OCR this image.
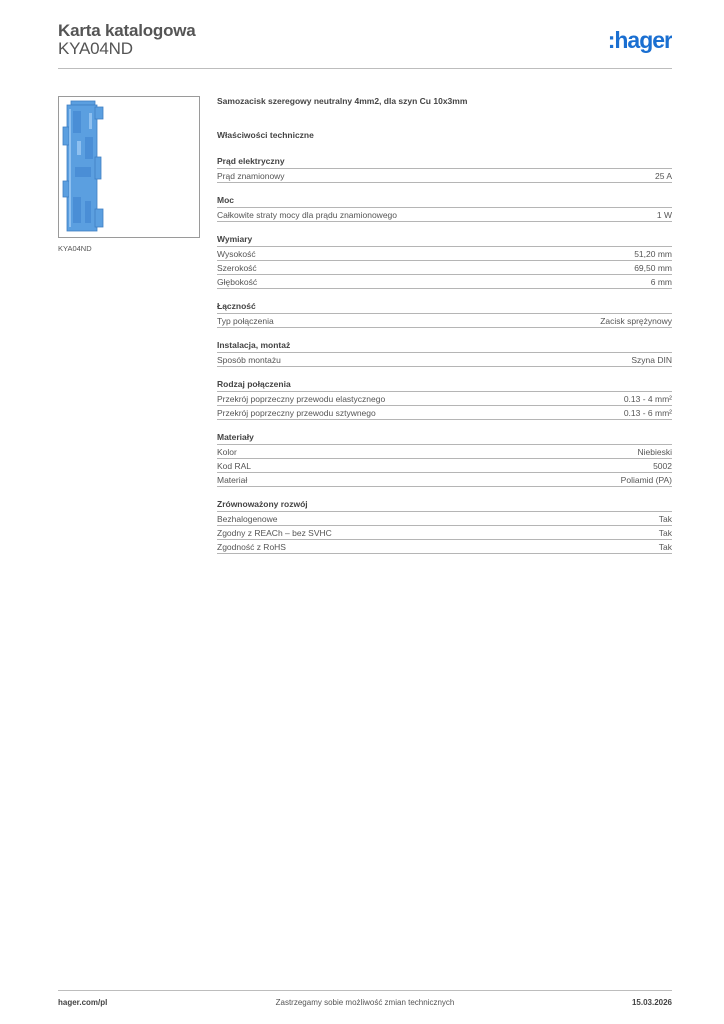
Karta katalogowa
KYA04ND	:hager
KYA04ND
Samozacisk szeregowy neutralny 4mm2, dla szyn Cu 10x3mm
Właściwości techniczne
Prąd elektryczny
Prąd znamionowy	25 A
Moc
Całkowite straty mocy dla prądu znamionowego	1 W
Wymiary
Wysokość	51,20 mm
Szerokość	69,50 mm
Głębokość	6 mm
Łączność
Typ połączenia	Zacisk sprężynowy
Instalacja, montaż
Sposób montażu	Szyna DIN
Rodzaj połączenia
Przekrój poprzeczny przewodu elastycznego	0.13 - 4 mm²
Przekrój poprzeczny przewodu sztywnego	0.13 - 6 mm²
Materiały
Kolor	Niebieski
Kod RAL	5002
Materiał	Poliamid (PA)
Zrównoważony rozwój
Bezhalogenowe	Tak
Zgodny z REACh – bez SVHC	Tak
Zgodność z RoHS	Tak
hager.com/pl	Zastrzegamy sobie możliwość zmian technicznych	15.03.2026
